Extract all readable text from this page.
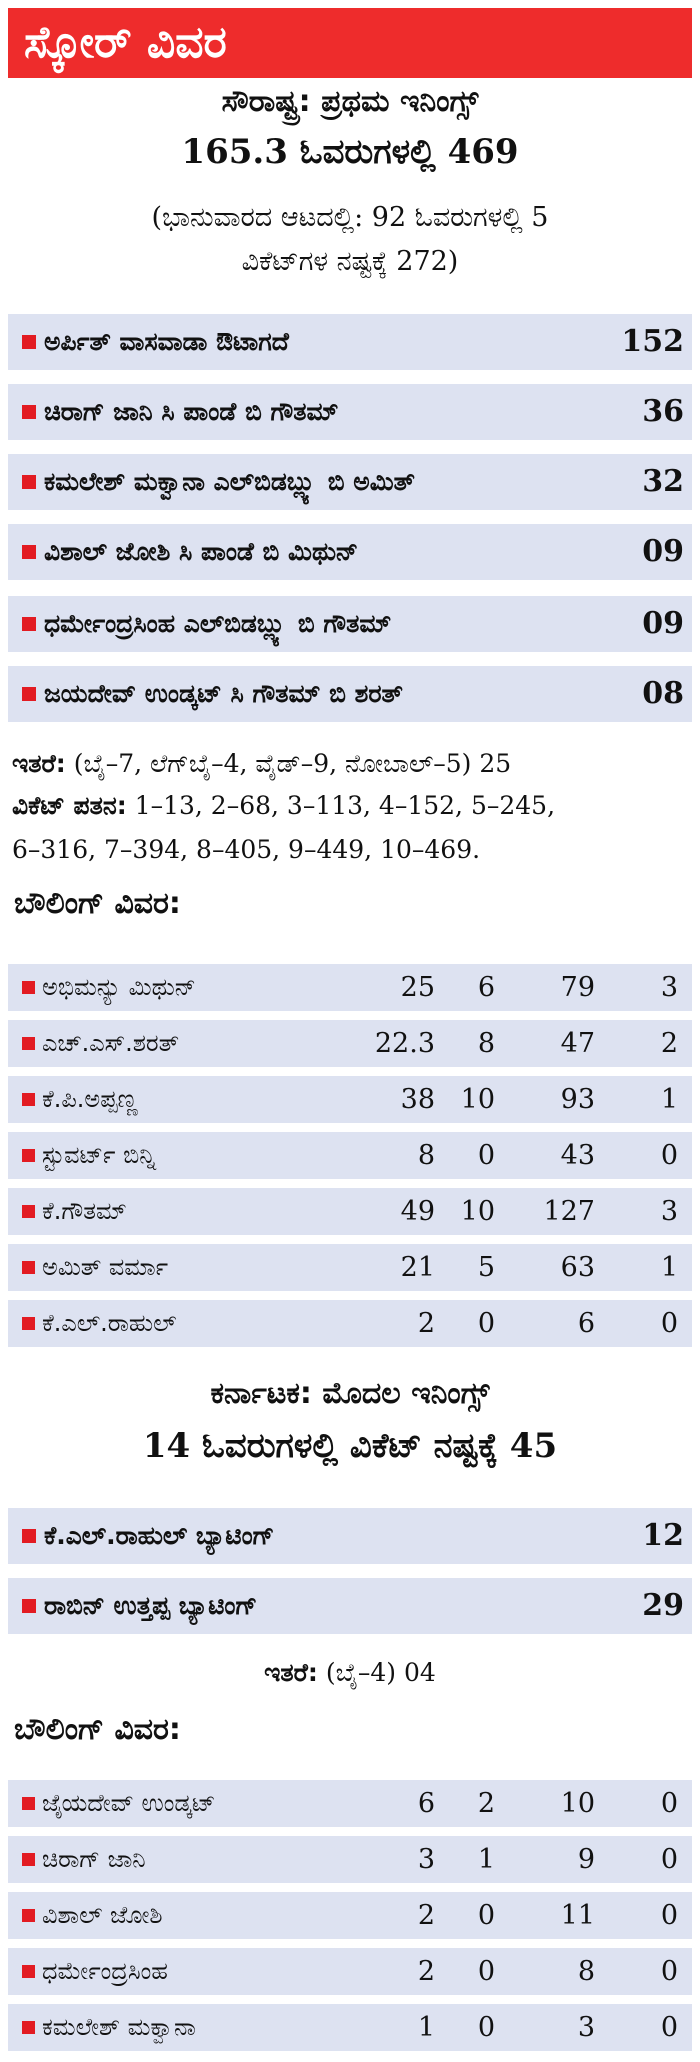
ಸ್ಕೋರ್ ವಿವರ
ಸೌರಾಷ್ಟ್ರ: ಪ್ರಥಮ ಇನಿಂಗ್ಸ್
165.3 ಓವರುಗಳಲ್ಲಿ 469
(ಭಾನುವಾರದ ಆಟದಲ್ಲಿ: 92 ಓವರುಗಳಲ್ಲಿ 5
ವಿಕೆಟ್‌ಗಳ ನಷ್ಟಕ್ಕೆ 272)
ಅರ್ಪಿತ್ ವಾಸವಾಡಾ ಔಟಾಗದೆ	152
ಚಿರಾಗ್ ಜಾನಿ ಸಿ ಪಾಂಡೆ ಬಿ ಗೌತಮ್	36
ಕಮಲೇಶ್ ಮಕ್ವಾನಾ ಎಲ್‌ಬಿಡಬ್ಲ್ಯು ಬಿ ಅಮಿತ್	32
ವಿಶಾಲ್ ಜೋಶಿ ಸಿ ಪಾಂಡೆ ಬಿ ಮಿಥುನ್	09
ಧರ್ಮೇಂದ್ರಸಿಂಹ ಎಲ್‌ಬಿಡಬ್ಲ್ಯು ಬಿ ಗೌತಮ್	09
ಜಯದೇವ್ ಉಂಡ್ಕಟ್ ಸಿ ಗೌತಮ್ ಬಿ ಶರತ್	08
ಇತರೆ: (ಬೈ–7, ಲೆಗ್‌ಬೈ–4, ವೈಡ್–9, ನೋಬಾಲ್–5) 25
ವಿಕೆಟ್ ಪತನ: 1–13, 2–68, 3–113, 4–152, 5–245,
6–316, 7–394, 8–405, 9–449, 10–469.
ಬೌಲಿಂಗ್ ವಿವರ:
ಅಭಿಮನ್ಯು ಮಿಥುನ್	25 6 79 3
ಎಚ್.ಎಸ್.ಶರತ್	22.3 8 47 2
ಕೆ.ಪಿ.ಅಪ್ಪಣ್ಣ	38 10 93 1
ಸ್ಟುವರ್ಟ್ ಬಿನ್ನಿ	8 0 43 0
ಕೆ.ಗೌತಮ್	49 10 127 3
ಅಮಿತ್ ವರ್ಮಾ	21 5 63 1
ಕೆ.ಎಲ್.ರಾಹುಲ್	2 0	6 0
ಕರ್ನಾಟಕ: ಮೊದಲ ಇನಿಂಗ್ಸ್
14 ಓವರುಗಳಲ್ಲಿ ವಿಕೆಟ್ ನಷ್ಟಕ್ಕೆ 45
ಕೆ.ಎಲ್.ರಾಹುಲ್ ಬ್ಯಾಟಿಂಗ್	12
ರಾಬಿನ್ ಉತ್ತಪ್ಪ ಬ್ಯಾಟಿಂಗ್	29
ಇತರೆ: (ಬೈ–4) 04
ಬೌಲಿಂಗ್ ವಿವರ:
ಜೈಯದೇವ್ ಉಂಡ್ಕಟ್	6 2 10 0
ಚಿರಾಗ್ ಜಾನಿ	3 1	9 0
ವಿಶಾಲ್ ಜೋಶಿ	2 0 11 0
ಧರ್ಮೇಂದ್ರಸಿಂಹ	2 0	8 0
ಕಮಲೇಶ್ ಮಕ್ವಾನಾ	1 0	3 0
